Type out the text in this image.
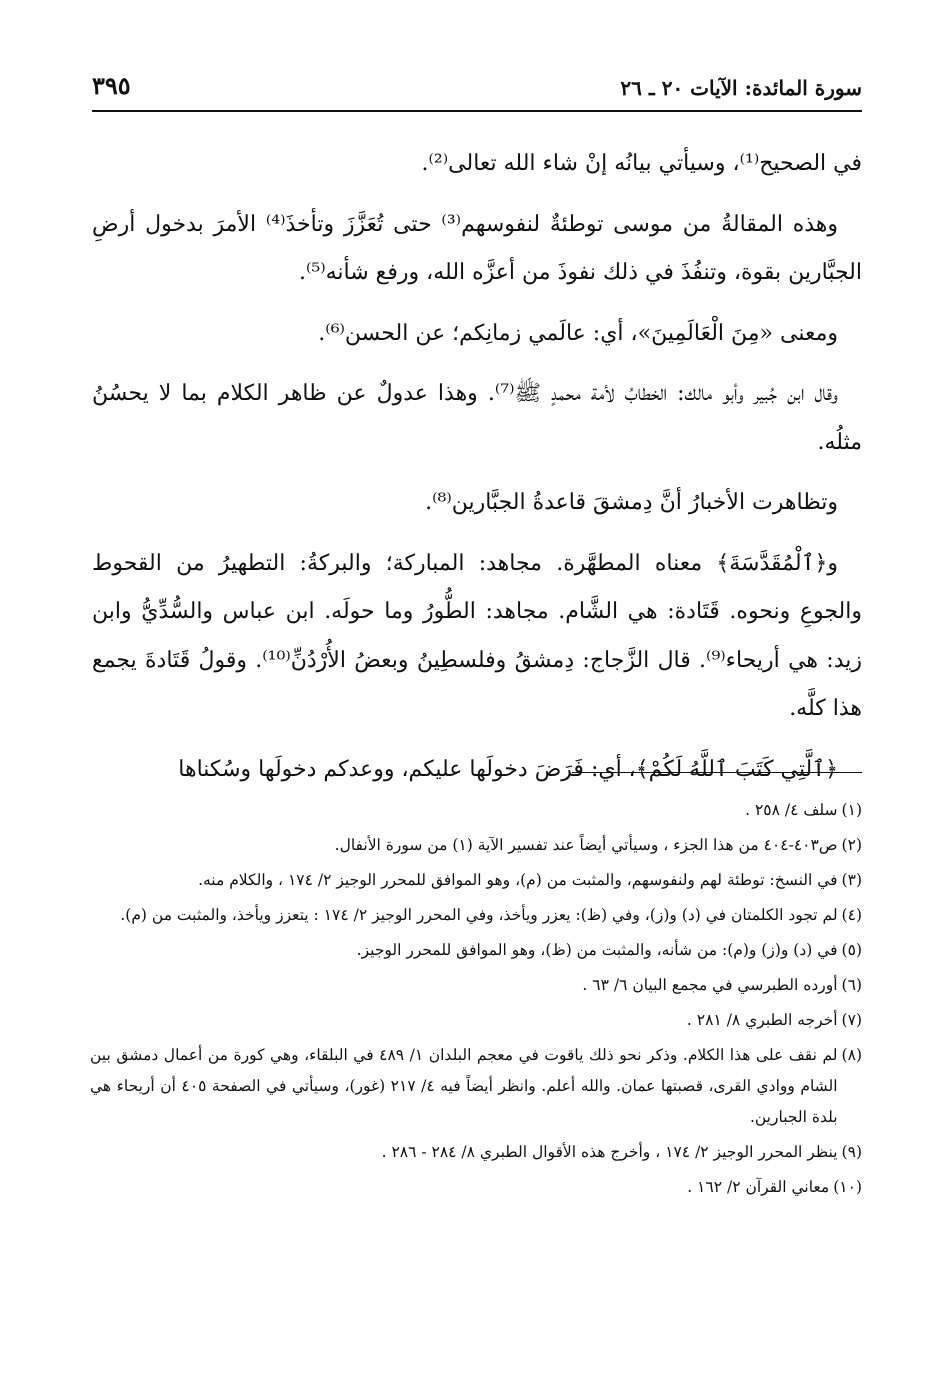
سورة المائدة: الآيات ٢٠ ـ ٢٦
٣٩٥

في الصحيح⁽¹⁾، وسيأتي بيانُه إنْ شاء الله تعالى⁽²⁾.

وهذه المقالةُ من موسى توطئةٌ لنفوسهم⁽³⁾ حتى تُعَزَّزَ وتأخذَ⁽⁴⁾ الأمرَ بدخول أرضِ الجبَّارين بقوة، وتنفُذَ في ذلك نفوذَ من أعزَّه الله، ورفع شأنه⁽⁵⁾.

ومعنى «مِنَ الْعَالَمِينَ»، أي: عالَمي زمانِكم؛ عن الحسن⁽⁶⁾.

وقال ابن جُبير وأبو مالك: الخطابُ لأمة محمدٍ ﷺ⁽⁷⁾. وهذا عدولٌ عن ظاهر الكلام بما لا يحسُنُ مثلُه.

وتظاهرت الأخبارُ أنَّ دِمشقَ قاعدةُ الجبَّارين⁽⁸⁾.

و﴿ٱلْمُقَدَّسَةَ﴾ معناه المطهَّرة. مجاهد: المباركة؛ والبركةُ: التطهيرُ من القحوط والجوعِ ونحوه. قَتَادة: هي الشَّام. مجاهد: الطُّورُ وما حولَه. ابن عباس والسُّدِّيُّ وابن زيد: هي أريحاء⁽⁹⁾. قال الزَّجاج: دِمشقُ وفلسطِينُ وبعضُ الأُرْدُنِّ⁽¹⁰⁾. وقولُ قَتَادةَ يجمع هذا كلَّه.

﴿ٱلَّتِي كَتَبَ ٱللَّهُ لَكُمْ﴾، أي: فَرَضَ دخولَها عليكم، ووعدكم دخولَها وسُكناها

(١)
سلف ٤/ ٢٥٨ .
(٢)
ص٤٠٣-٤٠٤ من هذا الجزء ، وسيأتي أيضاً عند تفسير الآية (١) من سورة الأنفال.
(٣)
في النسخ: توطئة لهم ولنفوسهم، والمثبت من (م)، وهو الموافق للمحرر الوجيز ٢/ ١٧٤ ، والكلام منه.
(٤)
لم تجود الكلمتان في (د) و(ز)، وفي (ظ): يعزر ويأخذ، وفي المحرر الوجيز ٢/ ١٧٤ : يتعزز ويأخذ، والمثبت من (م).
(٥)
في (د) و(ز) و(م): من شأنه، والمثبت من (ظ)، وهو الموافق للمحرر الوجيز.
(٦)
أورده الطبرسي في مجمع البيان ٦/ ٦٣ .
(٧)
أخرجه الطبري ٨/ ٢٨١ .
(٨)
لم نقف على هذا الكلام. وذكر نحو ذلك ياقوت في معجم البلدان ١/ ٤٨٩ في البلقاء، وهي كورة من أعمال دمشق بين الشام ووادي القرى، قصبتها عمان. والله أعلم. وانظر أيضاً فيه ٤/ ٢١٧ (غور)، وسيأتي في الصفحة ٤٠٥ أن أريحاء هي بلدة الجبارين.
(٩)
ينظر المحرر الوجيز ٢/ ١٧٤ ، وأخرج هذه الأقوال الطبري ٨/ ٢٨٤ - ٢٨٦ .
(١٠)
معاني القرآن ٢/ ١٦٢ .
